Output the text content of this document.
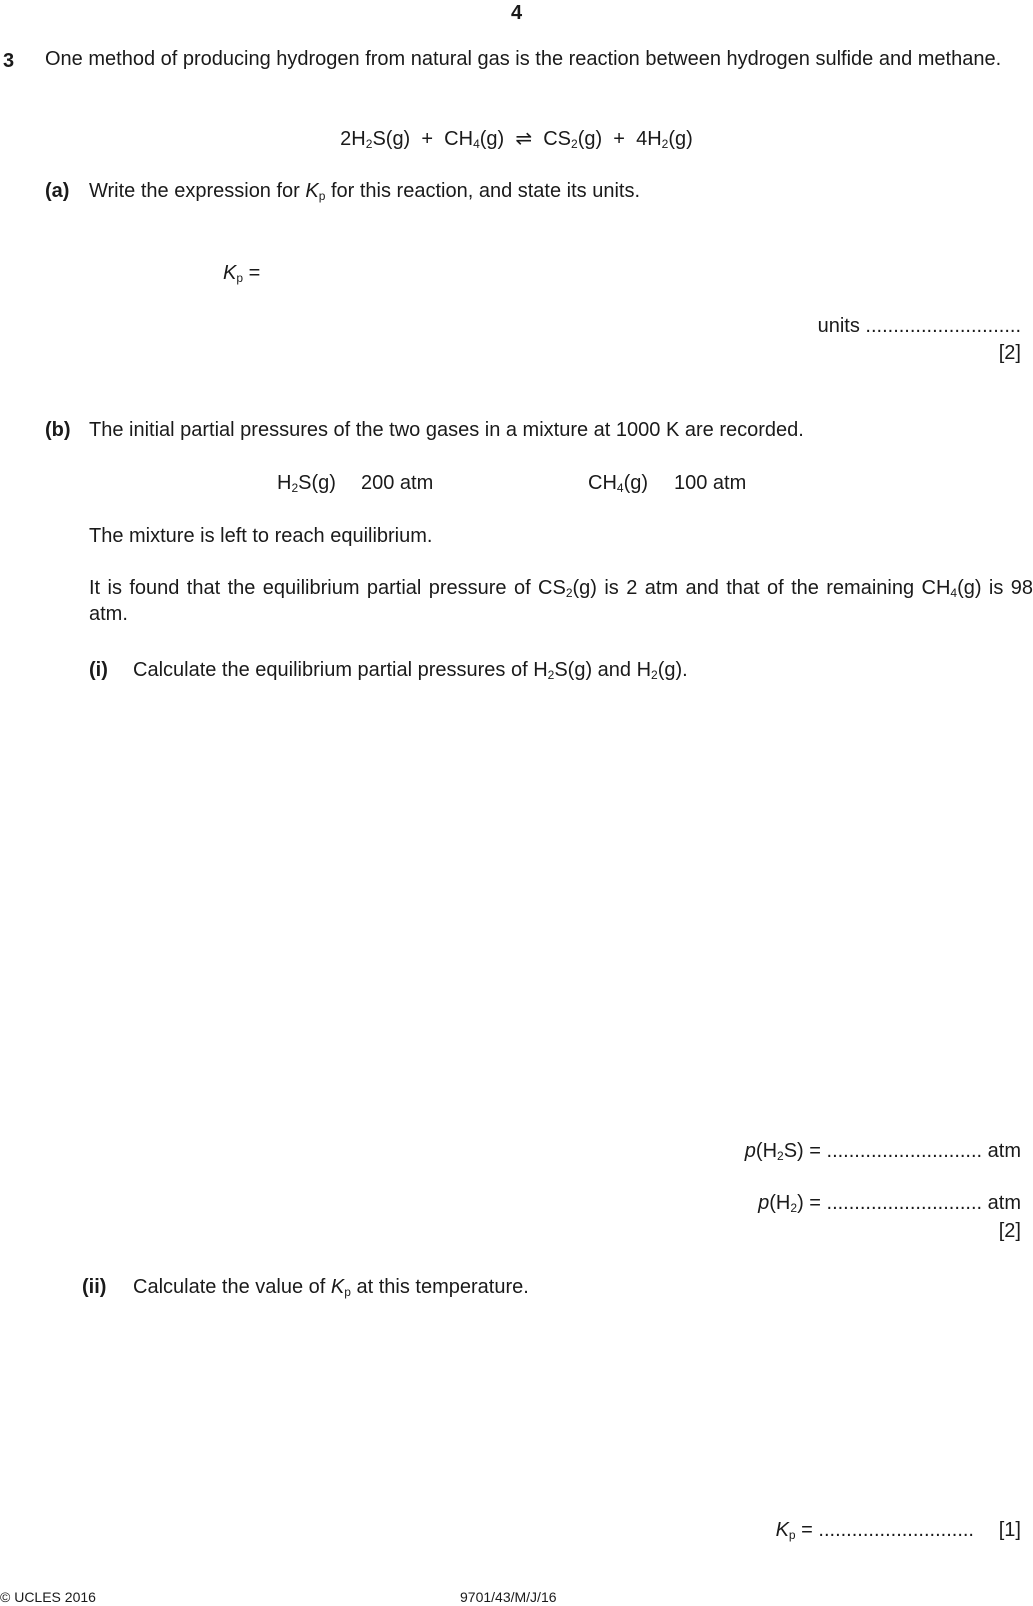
4
3 One method of producing hydrogen from natural gas is the reaction between hydrogen sulfide and methane.
$2H_2S(g) + CH_4(g)$ ⇌ $CS_2(g) + 4H_2(g)$
(a) Write the expression for $K_p$ for this reaction, and state its units.
$K_p$ =
units ............................
[2]
(b) The initial partial pressures of the two gases in a mixture at 1000 K are recorded.
$H_2S(g)$ 200 atm	$CH_4(g)$ 100 atm
The mixture is left to reach equilibrium.
It is found that the equilibrium partial pressure of $CS_2(g)$ is 2 atm and that of the remaining $CH_4(g)$ is 98 atm.
(i) Calculate the equilibrium partial pressures of $H_2S(g)$ and $H_2(g)$.
$p(H_2S)$ = ............................ atm
$p(H_2)$ = ............................ atm
[2]
(ii) Calculate the value of $K_p$ at this temperature.
$K_p$ = ............................ [1]
© UCLES 2016	9701/43/M/J/16
